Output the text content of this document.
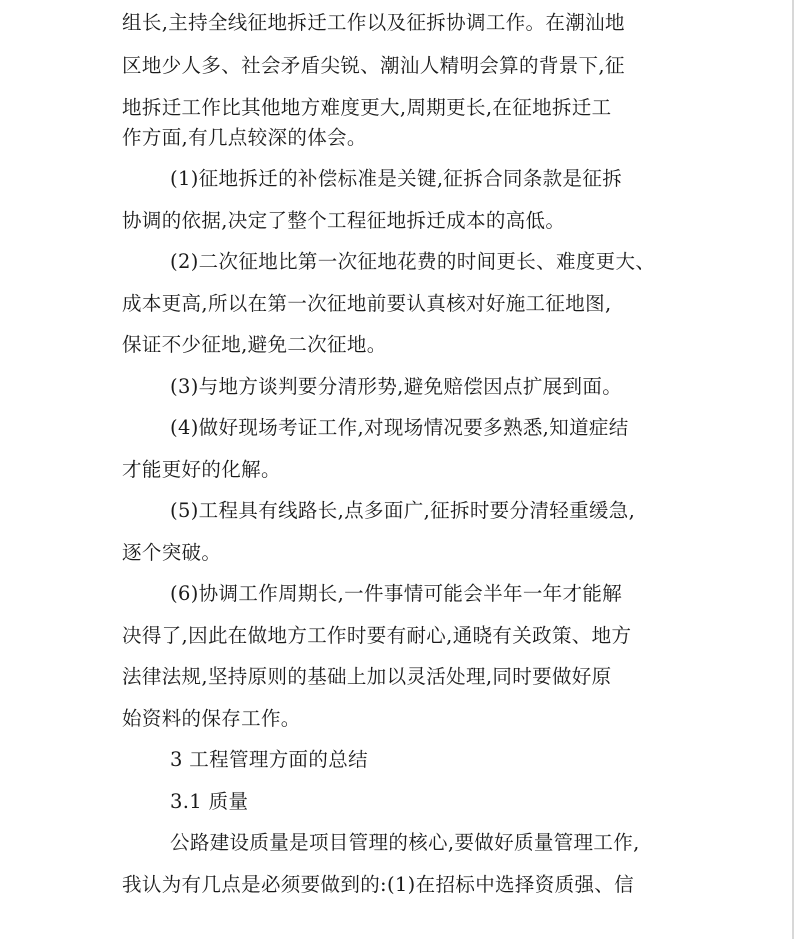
组长,主持全线征地拆迁工作以及征拆协调工作。在潮汕地

区地少人多、社会矛盾尖锐、潮汕人精明会算的背景下,征

地拆迁工作比其他地方难度更大,周期更长,在征地拆迁工

作方面,有几点较深的体会。

(1)征地拆迁的补偿标准是关键,征拆合同条款是征拆

协调的依据,决定了整个工程征地拆迁成本的高低。

(2)二次征地比第一次征地花费的时间更长、难度更大、

成本更高,所以在第一次征地前要认真核对好施工征地图,

保证不少征地,避免二次征地。

(3)与地方谈判要分清形势,避免赔偿因点扩展到面。

(4)做好现场考证工作,对现场情况要多熟悉,知道症结

才能更好的化解。

(5)工程具有线路长,点多面广,征拆时要分清轻重缓急,

逐个突破。

(6)协调工作周期长,一件事情可能会半年一年才能解

决得了,因此在做地方工作时要有耐心,通晓有关政策、地方

法律法规,坚持原则的基础上加以灵活处理,同时要做好原

始资料的保存工作。

3 工程管理方面的总结

3.1 质量

公路建设质量是项目管理的核心,要做好质量管理工作,

我认为有几点是必须要做到的:(1)在招标中选择资质强、信
